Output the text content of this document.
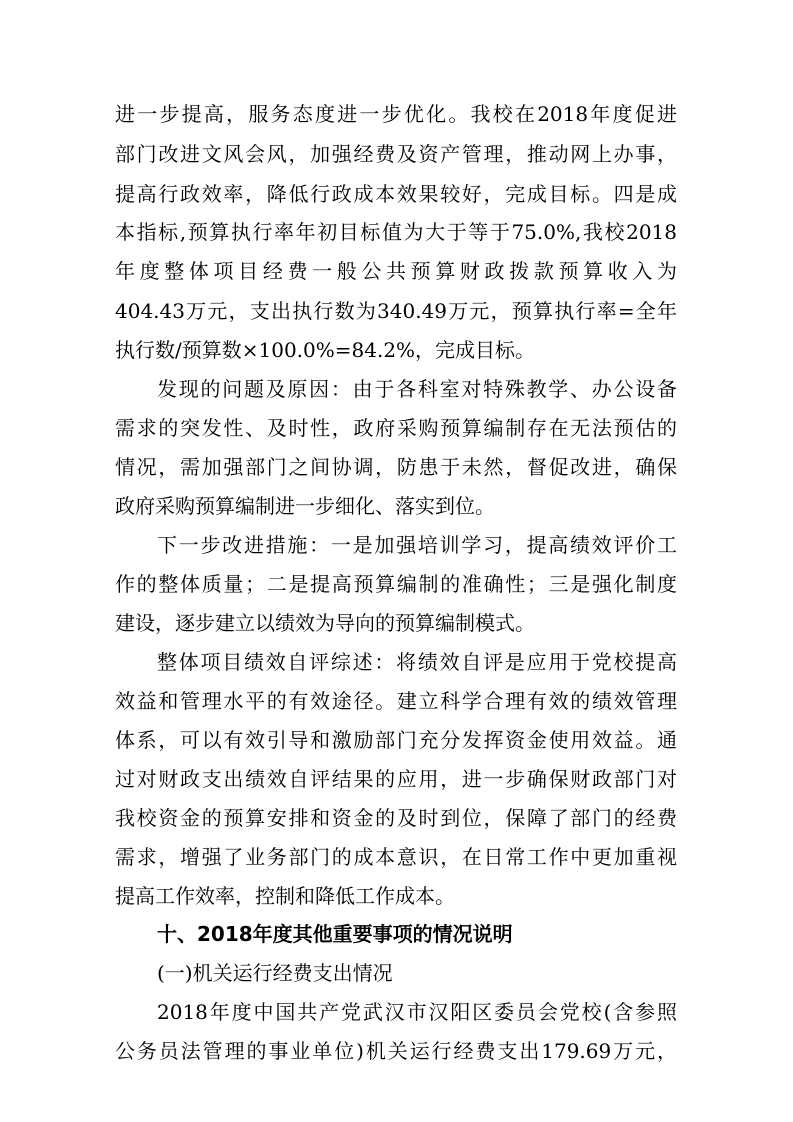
进一步提高，服务态度进一步优化。我校在2018年度促进
部门改进文风会风，加强经费及资产管理，推动网上办事，
提高行政效率，降低行政成本效果较好，完成目标。四是成
本指标,预算执行率年初目标值为大于等于75.0%,我校2018
年度整体项目经费一般公共预算财政拨款预算收入为
404.43万元，支出执行数为340.49万元，预算执行率=全年
执行数/预算数×100.0%=84.2%，完成目标。
发现的问题及原因：由于各科室对特殊教学、办公设备
需求的突发性、及时性，政府采购预算编制存在无法预估的
情况，需加强部门之间协调，防患于未然，督促改进，确保
政府采购预算编制进一步细化、落实到位。
下一步改进措施：一是加强培训学习，提高绩效评价工
作的整体质量；二是提高预算编制的准确性；三是强化制度
建设，逐步建立以绩效为导向的预算编制模式。
整体项目绩效自评综述：将绩效自评是应用于党校提高
效益和管理水平的有效途径。建立科学合理有效的绩效管理
体系，可以有效引导和激励部门充分发挥资金使用效益。通
过对财政支出绩效自评结果的应用，进一步确保财政部门对
我校资金的预算安排和资金的及时到位，保障了部门的经费
需求，增强了业务部门的成本意识，在日常工作中更加重视
提高工作效率，控制和降低工作成本。
十、2018年度其他重要事项的情况说明
(一)机关运行经费支出情况
2018年度中国共产党武汉市汉阳区委员会党校(含参照
公务员法管理的事业单位)机关运行经费支出179.69万元，
